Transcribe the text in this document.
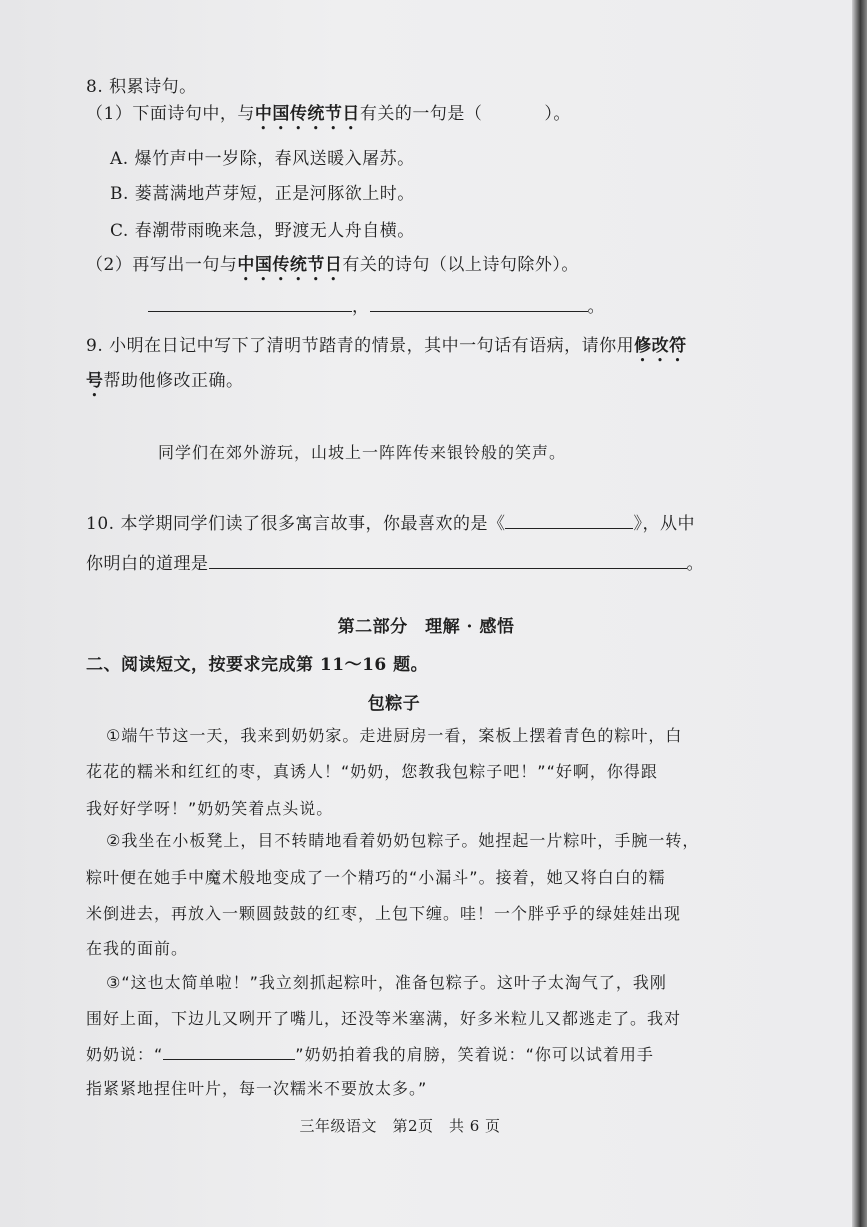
8. 积累诗句。
（1）下面诗句中，与中国传统节日有关的一句是（	）。
A. 爆竹声中一岁除，春风送暖入屠苏。
B. 蒌蒿满地芦芽短，正是河豚欲上时。
C. 春潮带雨晚来急，野渡无人舟自横。
（2）再写出一句与中国传统节日有关的诗句（以上诗句除外）。
，	。
9. 小明在日记中写下了清明节踏青的情景，其中一句话有语病，请你用修改符
号帮助他修改正确。
同学们在郊外游玩，山坡上一阵阵传来银铃般的笑声。
10. 本学期同学们读了很多寓言故事，你最喜欢的是《	》，从中
你明白的道理是	。
第二部分　理解 · 感悟
二、阅读短文，按要求完成第 11～16 题。
包粽子
①端午节这一天，我来到奶奶家。走进厨房一看，案板上摆着青色的粽叶，白
花花的糯米和红红的枣，真诱人！“奶奶，您教我包粽子吧！”“好啊，你得跟
我好好学呀！”奶奶笑着点头说。
②我坐在小板凳上，目不转睛地看着奶奶包粽子。她捏起一片粽叶，手腕一转，
粽叶便在她手中魔术般地变成了一个精巧的“小漏斗”。接着，她又将白白的糯
米倒进去，再放入一颗圆鼓鼓的红枣，上包下缠。哇！一个胖乎乎的绿娃娃出现
在我的面前。
③“这也太简单啦！”我立刻抓起粽叶，准备包粽子。这叶子太淘气了，我刚
围好上面，下边儿又咧开了嘴儿，还没等米塞满，好多米粒儿又都逃走了。我对
奶奶说：“	”奶奶拍着我的肩膀，笑着说：“你可以试着用手
指紧紧地捏住叶片，每一次糯米不要放太多。”
三年级语文　第2页　共 6 页
